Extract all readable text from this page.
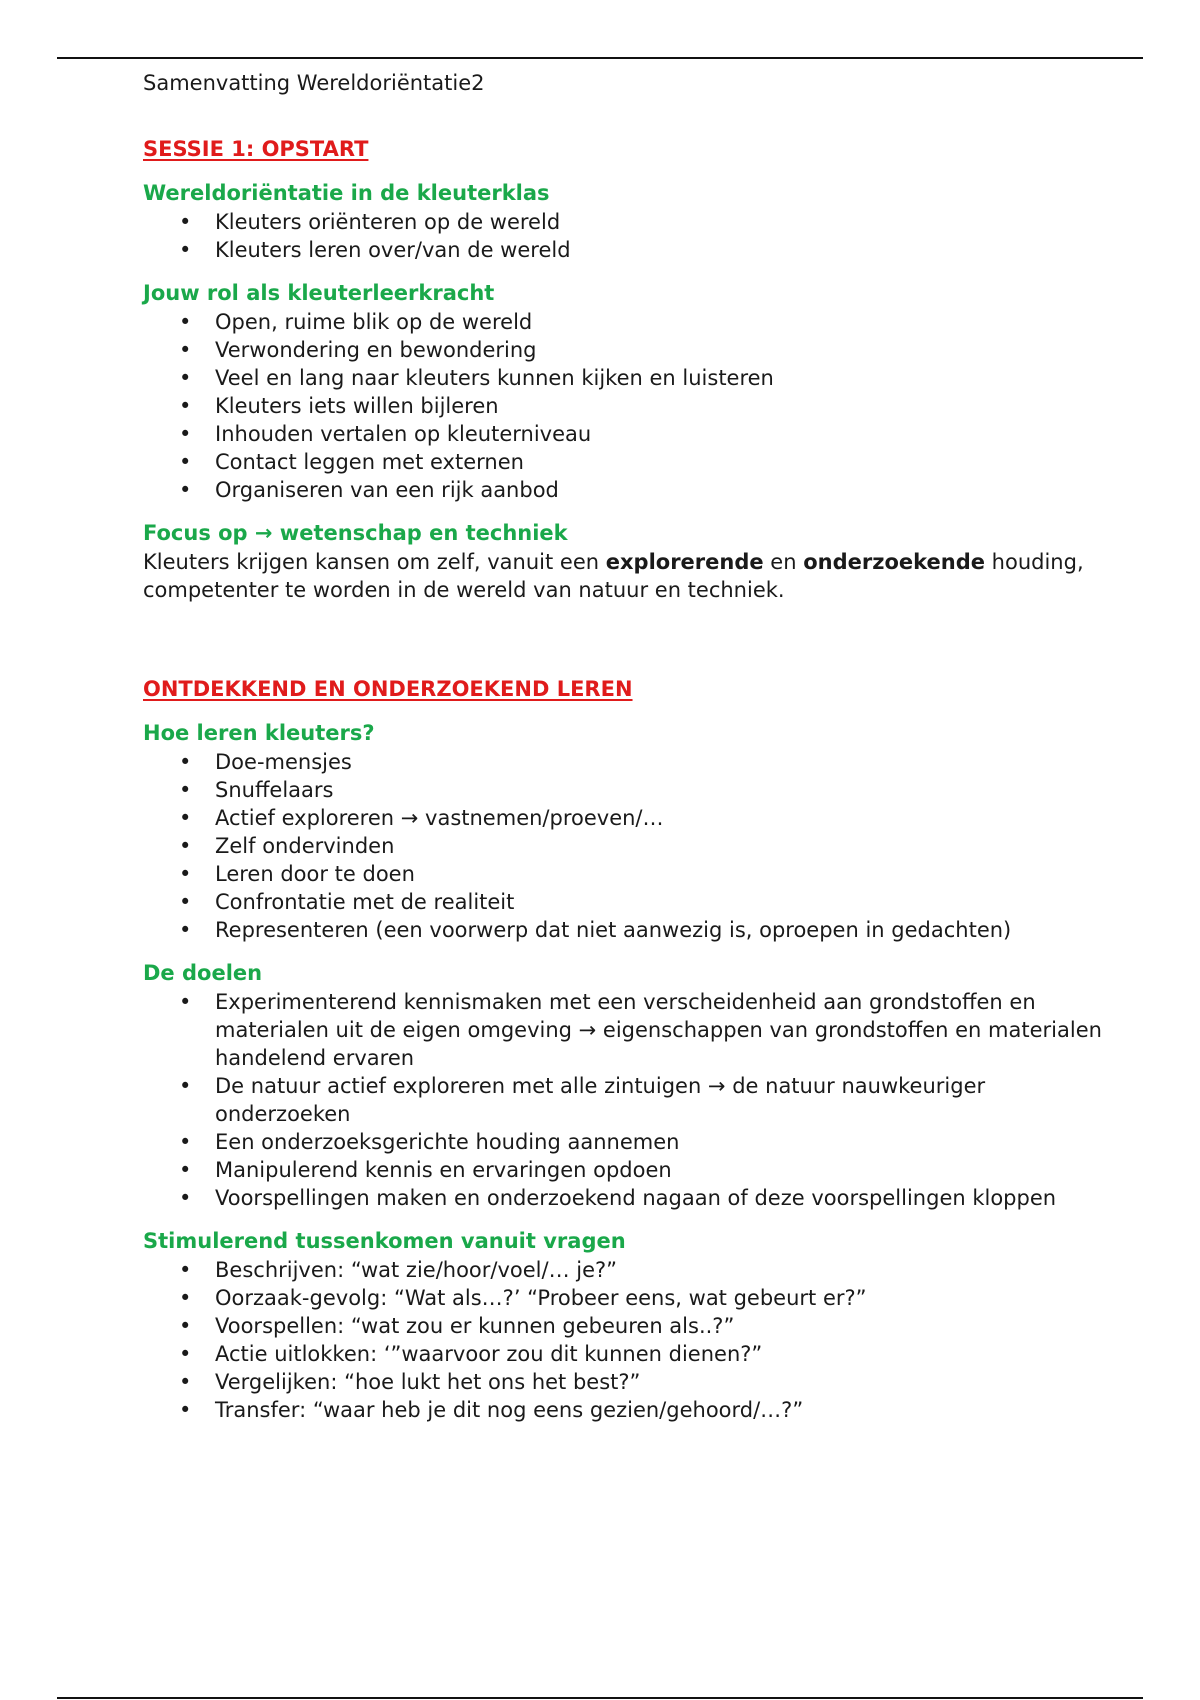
Samenvatting Wereldoriëntatie2

SESSIE 1: OPSTART
Wereldoriëntatie in de kleuterklas
• Kleuters oriënteren op de wereld
• Kleuters leren over/van de wereld
Jouw rol als kleuterleerkracht
• Open, ruime blik op de wereld
• Verwondering en bewondering
• Veel en lang naar kleuters kunnen kijken en luisteren
• Kleuters iets willen bijleren
• Inhouden vertalen op kleuterniveau
• Contact leggen met externen
• Organiseren van een rijk aanbod
Focus op → wetenschap en techniek

Kleuters krijgen kansen om zelf, vanuit een explorerende en onderzoekende houding, competenter te worden in de wereld van natuur en techniek.

ONTDEKKEND EN ONDERZOEKEND LEREN
Hoe leren kleuters?
• Doe-mensjes
• Snuffelaars
• Actief exploreren → vastnemen/proeven/…
• Zelf ondervinden
• Leren door te doen
• Confrontatie met de realiteit
• Representeren (een voorwerp dat niet aanwezig is, oproepen in gedachten)
De doelen
• Experimenterend kennismaken met een verscheidenheid aan grondstoffen en materialen uit de eigen omgeving → eigenschappen van grondstoffen en materialen handelend ervaren
• De natuur actief exploreren met alle zintuigen → de natuur nauwkeuriger onderzoeken
• Een onderzoeksgerichte houding aannemen
• Manipulerend kennis en ervaringen opdoen
• Voorspellingen maken en onderzoekend nagaan of deze voorspellingen kloppen
Stimulerend tussenkomen vanuit vragen
• Beschrijven: “wat zie/hoor/voel/… je?”
• Oorzaak-gevolg: “Wat als…?’ “Probeer eens, wat gebeurt er?”
• Voorspellen: “wat zou er kunnen gebeuren als..?”
• Actie uitlokken: ‘”waarvoor zou dit kunnen dienen?”
• Vergelijken: “hoe lukt het ons het best?”
• Transfer: “waar heb je dit nog eens gezien/gehoord/…?”
